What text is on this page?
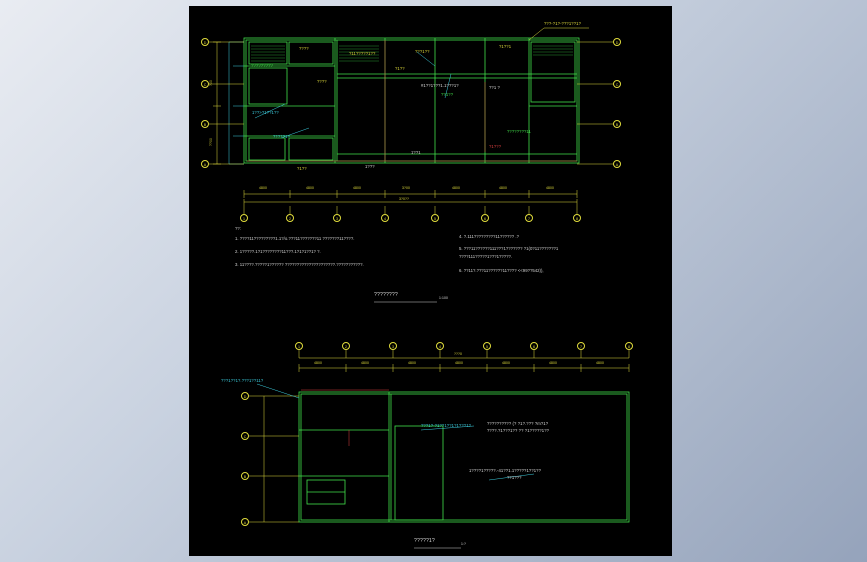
???-?1?-???1??1?
????
?????????
????
1??>?1??1??
?????1?
?11?????1??
?1??
???1??
#1??1???1.1???1?
??1??
??1 ?
?1??1
????????11
?1???
1??1
1???
?1??
?00
??00
4800	4800	4800	3?00	4800	4800	4800
3?0??
1	2	3	4	5	6	7	8
D
C
B
A
D
C
B
A
??:
1. ????11?????????1.1?/o.???11???????11 ???????11????.
2. 1?????.1?1????????11???.1?1?1??1? ?.
3. 11????.?????1?????? ?????????????????????.???????????.
4. ?.111?????????11?????? .?
5. ???11??????111???1??????? ?1(0?11???????1
????111?????1???1?????.
6. ??11?.???11??????11???? <<99??542)),
????????	1:100
???1??1?.???1??11?
???1?-?1??1??1?1???1?	?????????? (? ?1?.??? ?m?1?
????.?1???1?? ?? ?1?????1??
1????1?????.-41??1.1?????1??1??
??1???
4800	4800	4800	4800	4800	4800	4800
???0
1	2	3	4	5	6	7	8
D
C
B
A
?????1?	1:?
